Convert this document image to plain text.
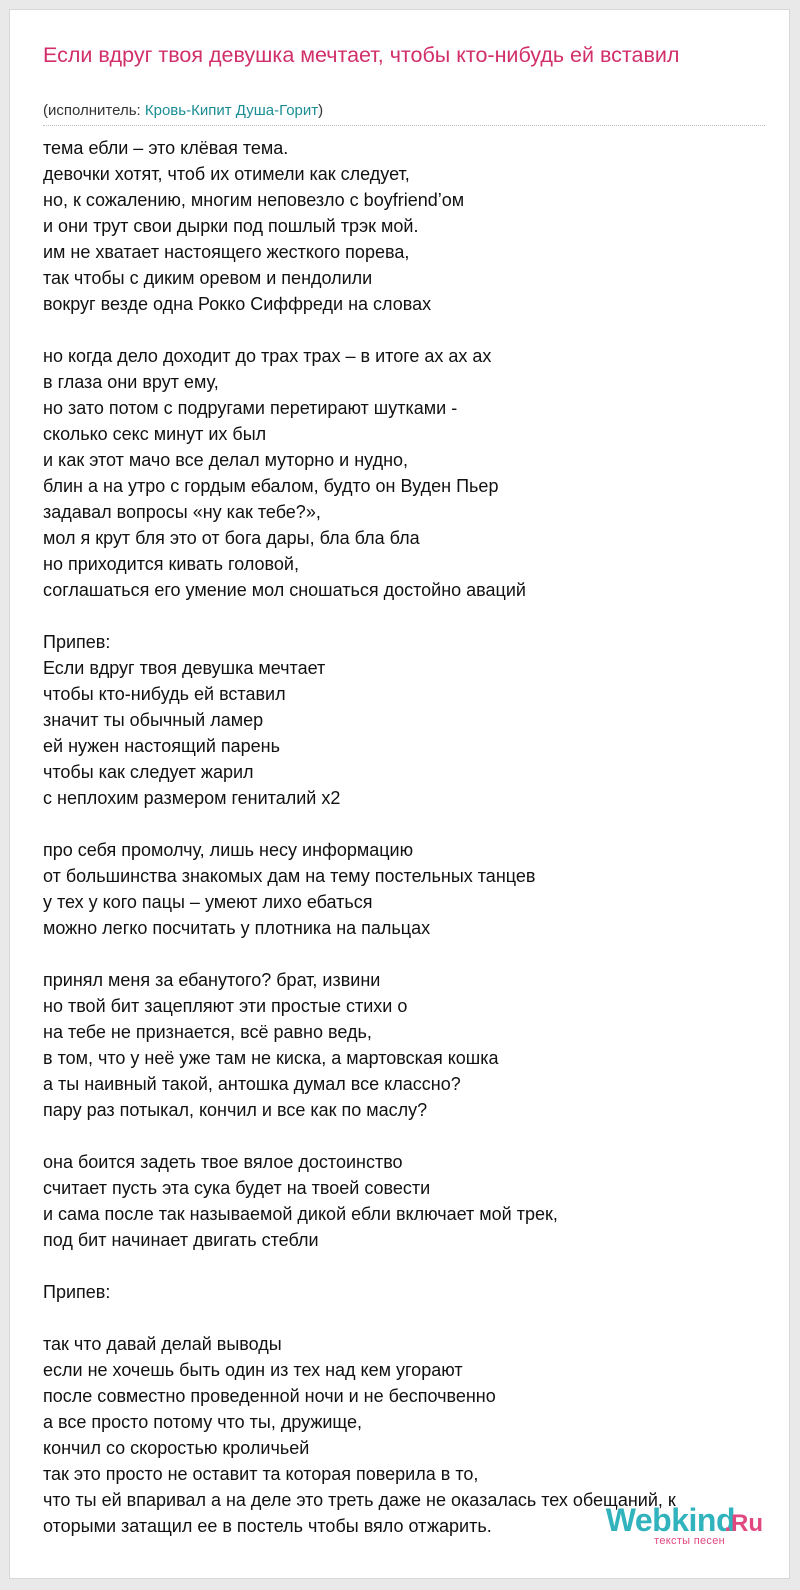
Если вдруг твоя девушка мечтает, чтобы кто-нибудь ей вставил
(исполнитель: Кровь-Кипит Душа-Горит)
тема ебли – это клёвая тема.
девочки хотят, чтоб их отимели как следует,
но, к сожалению, многим неповезло с boyfriend’ом
и они трут свои дырки под пошлый трэк мой.
им не хватает настоящего жесткого порева,
так чтобы с диким оревом и пендолили
вокруг везде одна Рокко Сиффреди на словах
но когда дело доходит до трах трах – в итоге ах ах ах
в глаза они врут ему,
но зато потом с подругами перетирают шутками -
сколько секс минут их был
и как этот мачо все делал муторно и нудно,
блин а на утро с гордым ебалом, будто он Вуден Пьер
задавал вопросы «ну как тебе?»,
мол я крут бля это от бога дары, бла бла бла
но приходится кивать головой,
соглашаться его умение мол сношаться достойно аваций
Припев:
Если вдруг твоя девушка мечтает
чтобы кто-нибудь ей вставил
значит ты обычный ламер
ей нужен настоящий парень
чтобы как следует жарил
с неплохим размером гениталий х2
про себя промолчу, лишь несу информацию
от большинства знакомых дам на тему постельных танцев
у тех у кого пацы – умеют лихо ебаться
можно легко посчитать у плотника на пальцах
принял меня за ебанутого? брат, извини
но твой бит зацепляют эти простые стихи о
на тебе не признается, всё равно ведь,
в том, что у неё уже там не киска, а мартовская кошка
а ты наивный такой, антошка думал все классно?
пару раз потыкал, кончил и все как по маслу?
она боится задеть твое вялое достоинство
считает пусть эта сука будет на твоей совести
и сама после так называемой дикой ебли включает мой трек,
под бит начинает двигать стебли
Припев:
так что давай делай выводы
если не хочешь быть один из тех над кем угорают
после совместно проведенной ночи и не беспочвенно
а все просто потому что ты, дружище,
кончил со скоростью кроличьей
так это просто не оставит та которая поверила в то,
что ты ей впаривал а на деле это треть даже не оказалась тех обещаний, к
оторыми затащил ее в постель чтобы вяло отжарить.	Webkind
.Ru
тексты песен
